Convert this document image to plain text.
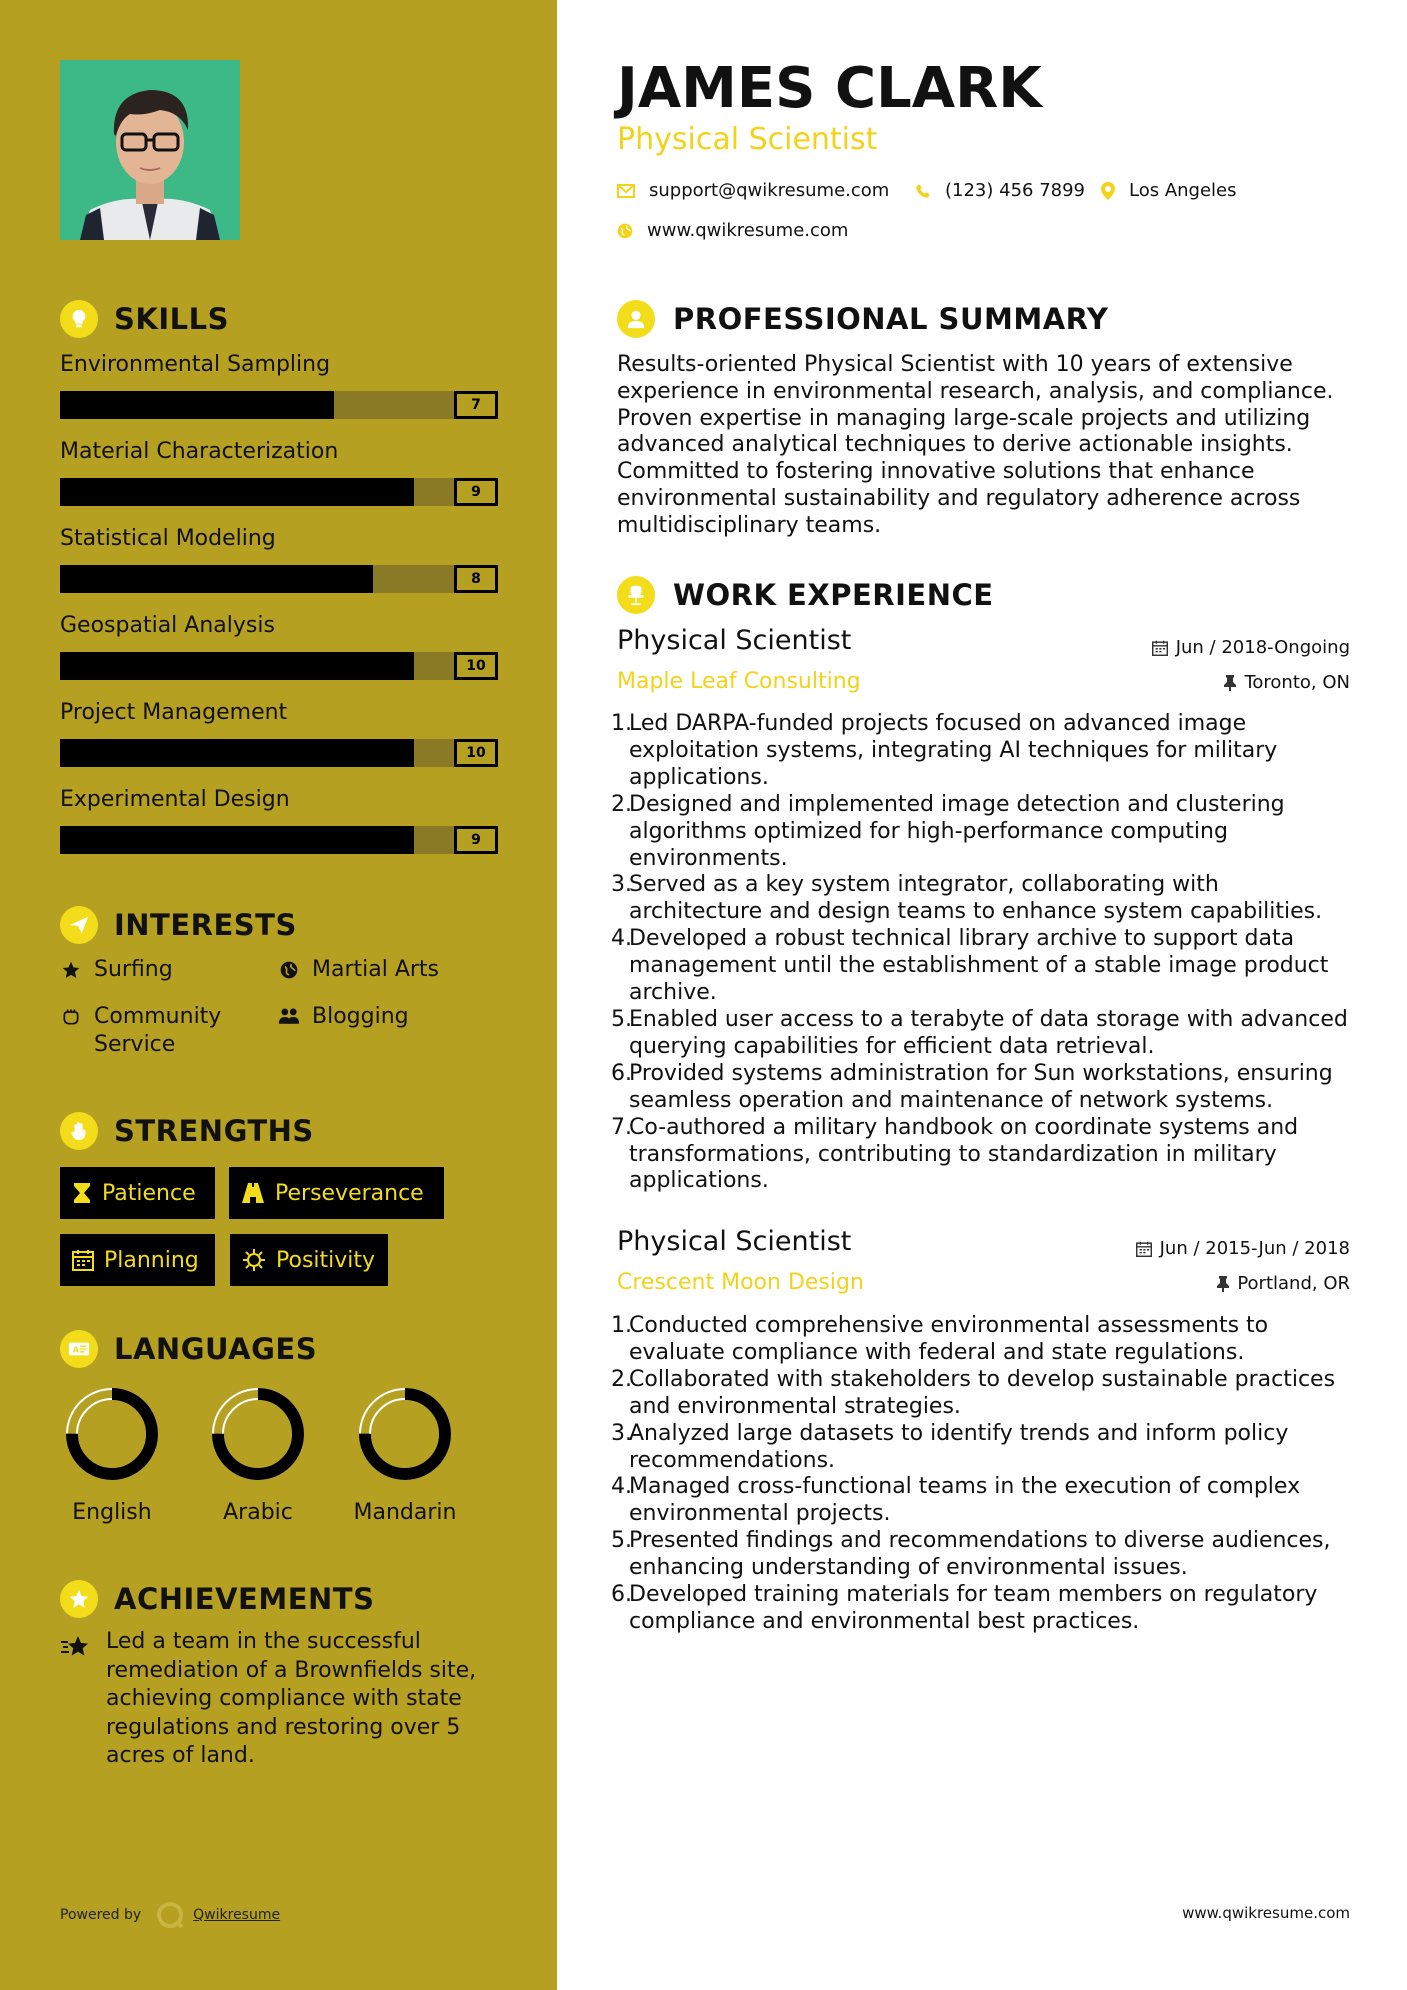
SKILLS
INTERESTS
Surfing	Martial Arts
Community Service
Blogging
STRENGTHS
Patience	Perseverance
Planning	Positivity
A LANGUAGES
ACHIEVEMENTS
Led a team in the successful remediation of a Brownfields site, achieving compliance with state regulations and restoring over 5 acres of land.
Powered by	Qwikresume
Environmental Sampling
7
Material Characterization
9
Statistical Modeling
8
Geospatial Analysis
10
Project Management
10
Experimental Design
9
English	Arabic	Mandarin
JAMES CLARK
Physical Scientist
support@qwikresume.com	(123) 456 7899 Los Angeles
www.qwikresume.com
PROFESSIONAL SUMMARY
Results-oriented Physical Scientist with 10 years of extensive experience in environmental research, analysis, and compliance. Proven expertise in managing large-scale projects and utilizing advanced analytical techniques to derive actionable insights. Committed to fostering innovative solutions that enhance environmental sustainability and regulatory adherence across multidisciplinary teams.
WORK EXPERIENCE
Physical Scientist	Jun / 2018-Ongoing
Maple Leaf Consulting	Toronto, ON
1.
Led DARPA-funded projects focused on advanced image exploitation systems, integrating AI techniques for military applications.
2.
Designed and implemented image detection and clustering algorithms optimized for high-performance computing environments.
3.
Served as a key system integrator, collaborating with architecture and design teams to enhance system capabilities.
4.
Developed a robust technical library archive to support data management until the establishment of a stable image product archive.
5.
Enabled user access to a terabyte of data storage with advanced querying capabilities for efficient data retrieval.
6.
Provided systems administration for Sun workstations, ensuring seamless operation and maintenance of network systems.
7.
Co-authored a military handbook on coordinate systems and transformations, contributing to standardization in military applications.
Physical Scientist	Jun / 2015-Jun / 2018
Crescent Moon Design	Portland, OR
1.
Conducted comprehensive environmental assessments to evaluate compliance with federal and state regulations.
2.
Collaborated with stakeholders to develop sustainable practices and environmental strategies.
3.
Analyzed large datasets to identify trends and inform policy recommendations.
4.
Managed cross-functional teams in the execution of complex environmental projects.
5.
Presented findings and recommendations to diverse audiences, enhancing understanding of environmental issues.
6.
Developed training materials for team members on regulatory compliance and environmental best practices.
www.qwikresume.com
